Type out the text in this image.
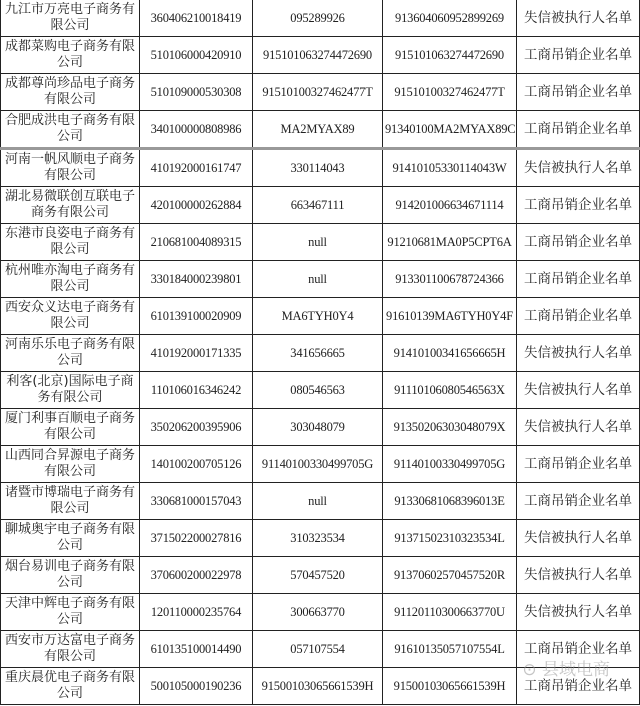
九江市万亮电子商务有限公司	360406210018419	095289926	913604060952899269	失信被执行人名单
成都菜购电子商务有限公司	510106000420910	915101063274472690	915101063274472690	工商吊销企业名单
成都尊尚珍品电子商务有限公司	510109000530308	91510100327462477T	91510100327462477T	工商吊销企业名单
合肥成洪电子商务有限公司	340100000808986	MA2MYAX89	91340100MA2MYAX89C	工商吊销企业名单
河南一帆风顺电子商务有限公司	410192000161747	330114043	91410105330114043W	失信被执行人名单
湖北易微联创互联电子商务有限公司	420100000262884	663467111	914201006634671114	工商吊销企业名单
东港市良姿电子商务有限公司	210681004089315	null	91210681MA0P5CPT6A	工商吊销企业名单
杭州唯亦淘电子商务有限公司	330184000239801	null	913301100678724366	工商吊销企业名单
西安众义达电子商务有限公司	610139100020909	MA6TYH0Y4	91610139MA6TYH0Y4F	工商吊销企业名单
河南乐乐电子商务有限公司	410192000171335	341656665	91410100341656665H	失信被执行人名单
利客(北京)国际电子商务有限公司	110106016346242	080546563	91110106080546563X	失信被执行人名单
厦门利事百顺电子商务有限公司	350206200395906	303048079	91350206303048079X	失信被执行人名单
山西同合昇源电子商务有限公司	140100200705126	91140100330499705G	91140100330499705G	工商吊销企业名单
诸暨市博瑞电子商务有限公司	330681000157043	null	91330681068396013E	工商吊销企业名单
聊城奥宇电子商务有限公司	371502200027816	310323534	91371502310323534L	失信被执行人名单
烟台易训电子商务有限公司	370600200022978	570457520	91370602570457520R	失信被执行人名单
天津中辉电子商务有限公司	120110000235764	300663770	91120110300663770U	失信被执行人名单
西安市万达富电子商务有限公司	610135100014490	057107554	91610135057107554L	工商吊销企业名单
重庆晨优电子商务有限公司	500105000190236	91500103065661539H	91500103065661539H	工商吊销企业名单
⊙ 县域电商
